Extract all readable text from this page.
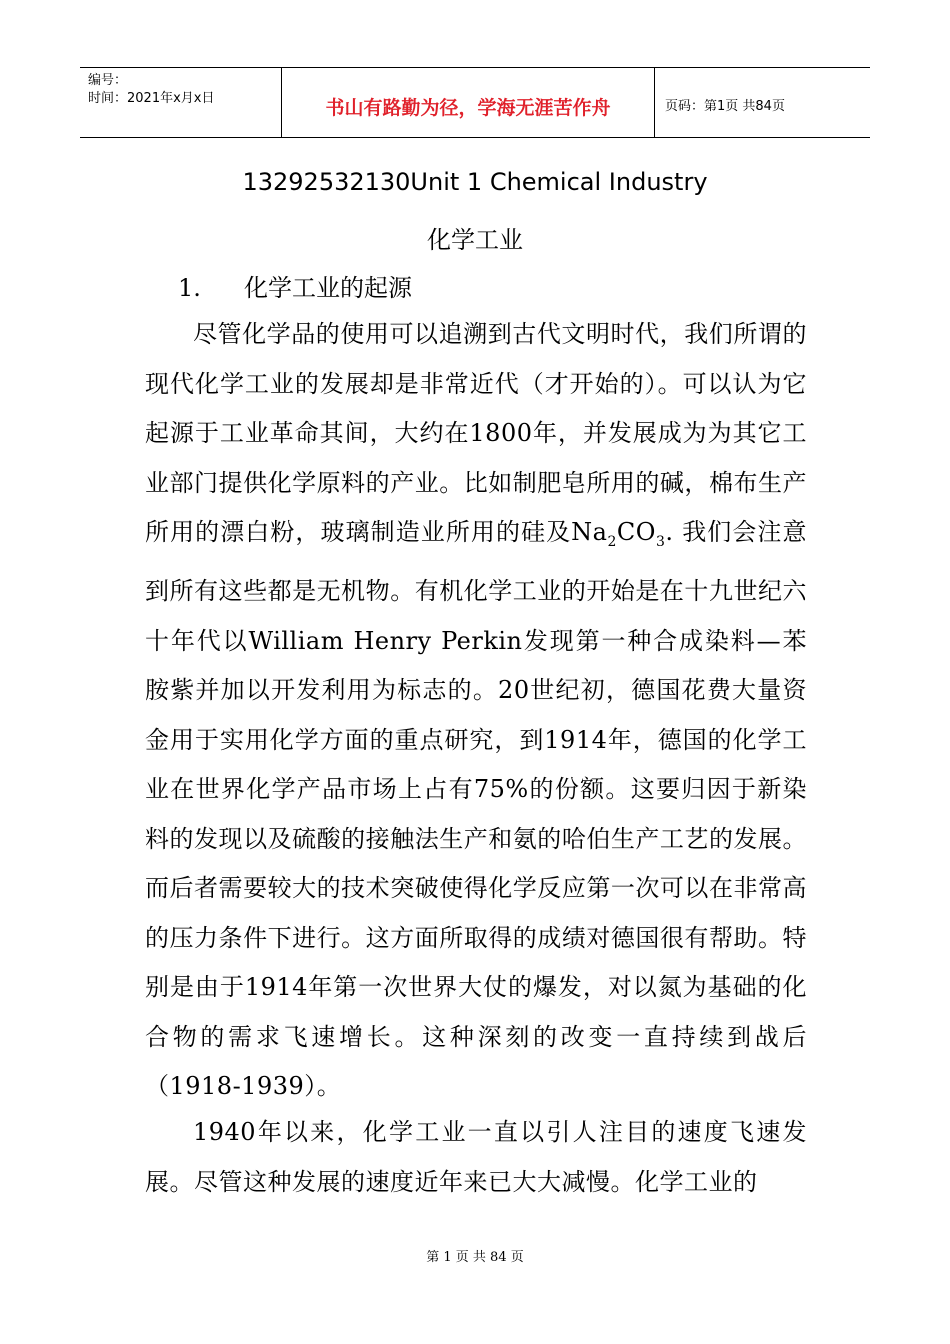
编号：
时间：2021年x月x日	书山有路勤为径，学海无涯苦作舟	页码：第1页 共84页
13292532130Unit 1 Chemical Industry
化学工业
1. 化学工业的起源
尽管化学品的使用可以追溯到古代文明时代，我们所谓的现代化学工业的发展却是非常近代（才开始的）。可以认为它起源于工业革命其间，大约在1800年，并发展成为为其它工业部门提供化学原料的产业。比如制肥皂所用的碱，棉布生产所用的漂白粉，玻璃制造业所用的硅及$Na_2CO_3$. 我们会注意到所有这些都是无机物。有机化学工业的开始是在十九世纪六十年代以William Henry Perkin发现第一种合成染料—苯胺紫并加以开发利用为标志的。20世纪初，德国花费大量资金用于实用化学方面的重点研究，到1914年，德国的化学工业在世界化学产品市场上占有75%的份额。这要归因于新染料的发现以及硫酸的接触法生产和氨的哈伯生产工艺的发展。而后者需要较大的技术突破使得化学反应第一次可以在非常高的压力条件下进行。这方面所取得的成绩对德国很有帮助。特别是由于1914年第一次世界大仗的爆发，对以氮为基础的化合物的需求飞速增长。这种深刻的改变一直持续到战后（1918-1939）。
1940年以来，化学工业一直以引人注目的速度飞速发展。尽管这种发展的速度近年来已大大减慢。化学工业的
第 1 页 共 84 页
